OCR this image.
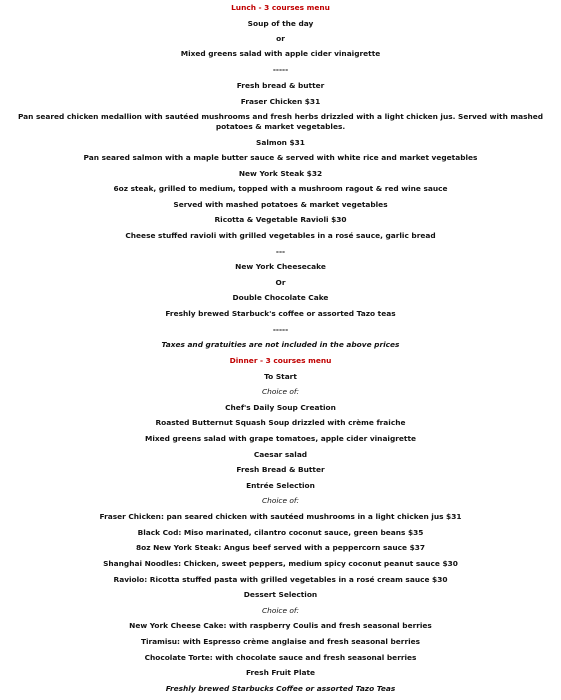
Lunch - 3 courses menu
Soup of the day
or
Mixed greens salad with apple cider vinaigrette
-----
Fresh bread & butter
Fraser Chicken $31
Pan seared chicken medallion with sautéed mushrooms and fresh herbs drizzled with a light chicken jus. Served with mashed potatoes & market vegetables.
Salmon $31
Pan seared salmon with a maple butter sauce & served with white rice and market vegetables
New York Steak $32
6oz steak, grilled to medium, topped with a mushroom ragout & red wine sauce
Served with mashed potatoes & market vegetables
Ricotta & Vegetable Ravioli $30
Cheese stuffed ravioli with grilled vegetables in a rosé sauce, garlic bread
---
New York Cheesecake
Or
Double Chocolate Cake
Freshly brewed Starbuck's coffee or assorted Tazo teas
-----
Taxes and gratuities are not included in the above prices
Dinner - 3 courses menu
To Start
Choice of:
Chef's Daily Soup Creation
Roasted Butternut Squash Soup drizzled with crème fraiche
Mixed greens salad with grape tomatoes, apple cider vinaigrette
Caesar salad
Fresh Bread & Butter
Entrée Selection
Choice of:
Fraser Chicken: pan seared chicken with sautéed mushrooms in a light chicken jus $31
Black Cod: Miso marinated, cilantro coconut sauce, green beans $35
8oz New York Steak: Angus beef served with a peppercorn sauce $37
Shanghai Noodles: Chicken, sweet peppers, medium spicy coconut peanut sauce $30
Raviolo: Ricotta stuffed pasta with grilled vegetables in a rosé cream sauce $30
Dessert Selection
Choice of:
New York Cheese Cake: with raspberry Coulis and fresh seasonal berries
Tiramisu: with Espresso crème anglaise and fresh seasonal berries
Chocolate Torte: with chocolate sauce and fresh seasonal berries
Fresh Fruit Plate
Freshly brewed Starbucks Coffee or assorted Tazo Teas
